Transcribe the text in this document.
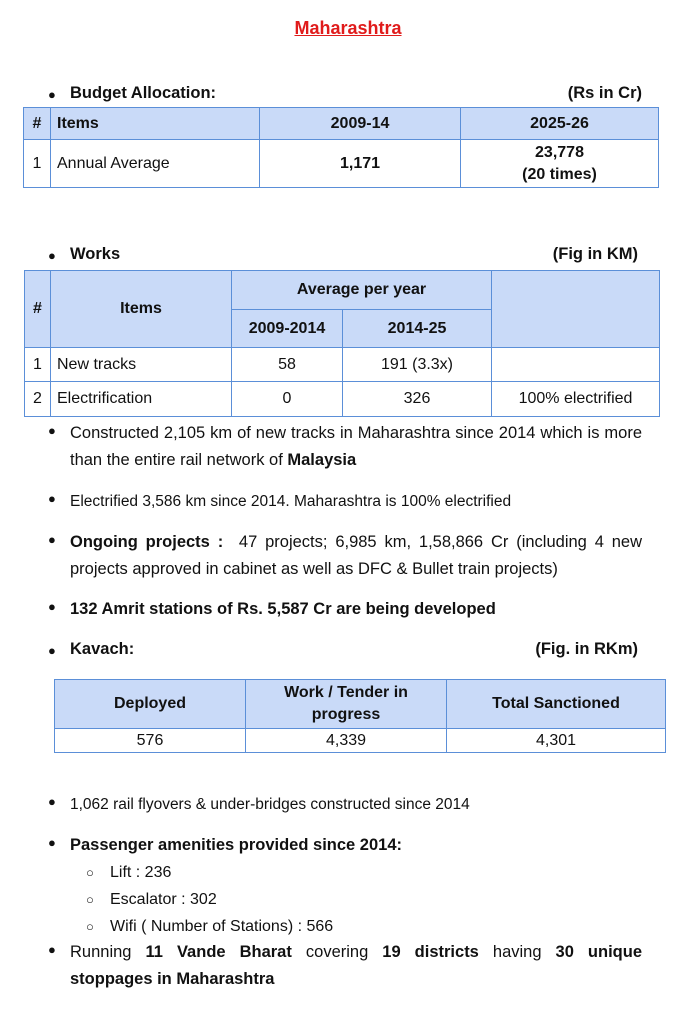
Maharashtra
● Budget Allocation:	(Rs in Cr)
#	Items	2009-14	2025-26
1	Annual Average	1,171	23,778
(20 times)
● Works	(Fig in KM)
#	Items	Average per year		
		2009-2014	2014-25	
1	New tracks	58	191 (3.3x)	
2	Electrification	0	326	100% electrified
● Constructed 2,105 km of new tracks in Maharashtra since 2014 which is more than the entire rail network of Malaysia
● Electrified 3,586 km since 2014. Maharashtra is 100% electrified
● Ongoing projects : 47 projects; 6,985 km, 1,58,866 Cr (including 4 new projects approved in cabinet as well as DFC & Bullet train projects)
● 132 Amrit stations of Rs. 5,587 Cr are being developed
● Kavach:	(Fig. in RKm)
Deployed	Work / Tender in progress	Total Sanctioned
576	4,339	4,301
● 1,062 rail flyovers & under-bridges constructed since 2014
● Passenger amenities provided since 2014:
○	Lift : 236
○	Escalator : 302
○	Wifi ( Number of Stations) : 566
● Running 11 Vande Bharat covering 19 districts having 30 unique stoppages in Maharashtra
